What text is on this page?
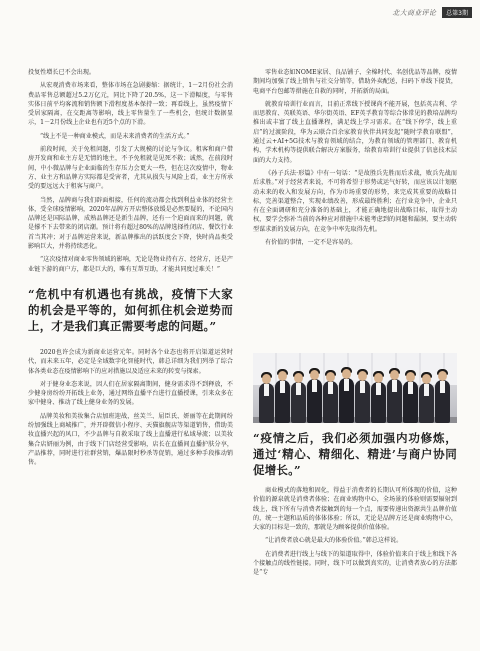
北大商业评论	总第3期

投复性增长已不会出现。

从宏观消费市场来看，整体市场在急剧萎缩：据统计，1－2月份社会消费品零售总额超过5.2万亿元，同比下降了20.5%，这一下滑幅度，与零售实体日前平均客流和销售额下滑程度基本保持一致；再看线上，虽然疫情下受居家隔离，在交距离等影响，线上零售量生了一些机会，但统计数据显示，1－2月份线上企业也有近5个点的下滑。

“线上不是一种商业模式，而是未来消费者的生活方式。”

前段时间，关于免租问题，引发了大规模的讨论与争议。租客和商户借房开发商和业主方是无情的地主，不予免租就是见死不救；诚然，在前段时间，中小微品牌与企业面临的生存压力会更大一些，但在这次疫情中，物业方、业主方和品牌方实际都是受害者，尤其从损失与风险上看，业主方所承受的要远远大于租客与商户。

当然，品牌商与我们辟面相接，任何的流动都会找到利益业体的经营主体，受全球疫情影响，2020年品牌方开店整体放缓是必然要疑的，不论国内品牌还是国际品牌，成熟品牌还是新生品牌，还有一个迫面而来的问题，就是撑不下去带来的闭店潮。预计将有超过80%的品牌选择性闭店、餐饮行业首当其冲；对于品牌运营来说，新品牌推出的活跃度会下降，快时尚品类受影响巨大，并将持续恶化。

“这次疫情对商业零售领域的影响，无论是物业持有方、经营方，还是产业链下游的商户方，都是巨大的，唯有互帮互助，才能共同度过难关！”

“危机中有机遇也有挑战，疫情下大家的机会是平等的，如何抓住机会逆势而上，才是我们真正需要考虑的问题。”

2020也许会成为新商业运营元年。同时各个业态也将开启渠道运营时代，而未来五年，必定是全域数字化智能时代，韩总详细为我们列举了综合体各类业态在疫情影响下的应对措施以及适应未来的转变与探索。

对于健身业态来说，因人们在居家隔离期间，健身需求得不到释放，不少健身房纷纷开拓线上业务，通过网络直播平台进行直播授课，引来众多在家中健身、推动了线上健身业务的发展。

品牌美妆和美妆集合店加班迎战，丝芙兰、屈臣氏、妍丽等在此期间纷纷加强线上商城推广，并开辟微信小程序、天猫旗舰店等渠道销售，借助美妆直播兴起的风口，不少品牌与自救采取了线上直播进行私域导流；以美妆集合店妍丽为例，由于线下门店经营受影响，店长在直播间直播护肤分享，产品推荐，同时进行社群营销，爆品限时秒杀等促销，通过多种手段推动销售。

零售业态如NOME家居、良品铺子、全棉时代、名创优品等品牌，疫情期间均加强了线上销售与社交分销等，借助外卖配送，扫码下单线下提货，电商平台包邮等措施在自救的同时，开拓新的局面。

就教育培训行业而言，目前正常线下授课尚不能开展，包括英吉利、学而思教育、英联英语、华尔街英语、EF英孚教育等综合体常见的教培品牌均推出或丰富了线上直播课程，满足线上学习需求。在“线下停学，线上重启”的过渡阶段，华为云联合百余家教育伙伴共同发起“随时学教育联盟”，通过云+AI+5G技术与教育领域的结合，为教育领域的管理部门、教育机构、学术机构等提供联合解决方案服务，给教育培训行业提供了信息技术层面的大力支持。

《孙子兵法·形篇》中有一句话：“是故胜兵先胜而后求战，败兵先战而后求胜。”对于经营者来说，不可将希望于形势或运气好转，而应该以计划驱动未来的收入和发展方向，作为市场重要的形势，来完成其重要的战略目标，完善渠道整合，实现业绩改善，形成最终胜利；在行业竞争中，企业只有在全面调研和充分准备的基础上，才能正确地提出战略目标，取得主动权，要学会弥补当前的各种应对措施中未能考虑到的问题和漏洞，要主动转型谋求新的发展方向，在竞争中率先取得先机。

有价值的事情，一定不是容易的。

“疫情之后，我们必须加强内功修炼，通过‘精心、精细化、精进’与商户协同促增长。”

商业模式的落地和固化，得益于消费者的长期认可所体现的价值，这种价值的源泉就是消费者体验；在商业购物中心，全场景的体验则需要辐射到线上，线下所有与消费者接触到的每一个点，需要传递出资源共生品牌价值的，统一主题和品质的体体体验；所以，无论是品牌方还是商业购物中心，大家的目标是一致的，那就是为顾客提供价值体验。

“让消费者放心就是最大的体验价值。”韩总这样说。

在消费者进行线上与线下的渠道取得中，体验价值来自于线上和线下各个接触点的线性链接。同时，线下可以做到真实的，让消费者放心的方法都是“专
